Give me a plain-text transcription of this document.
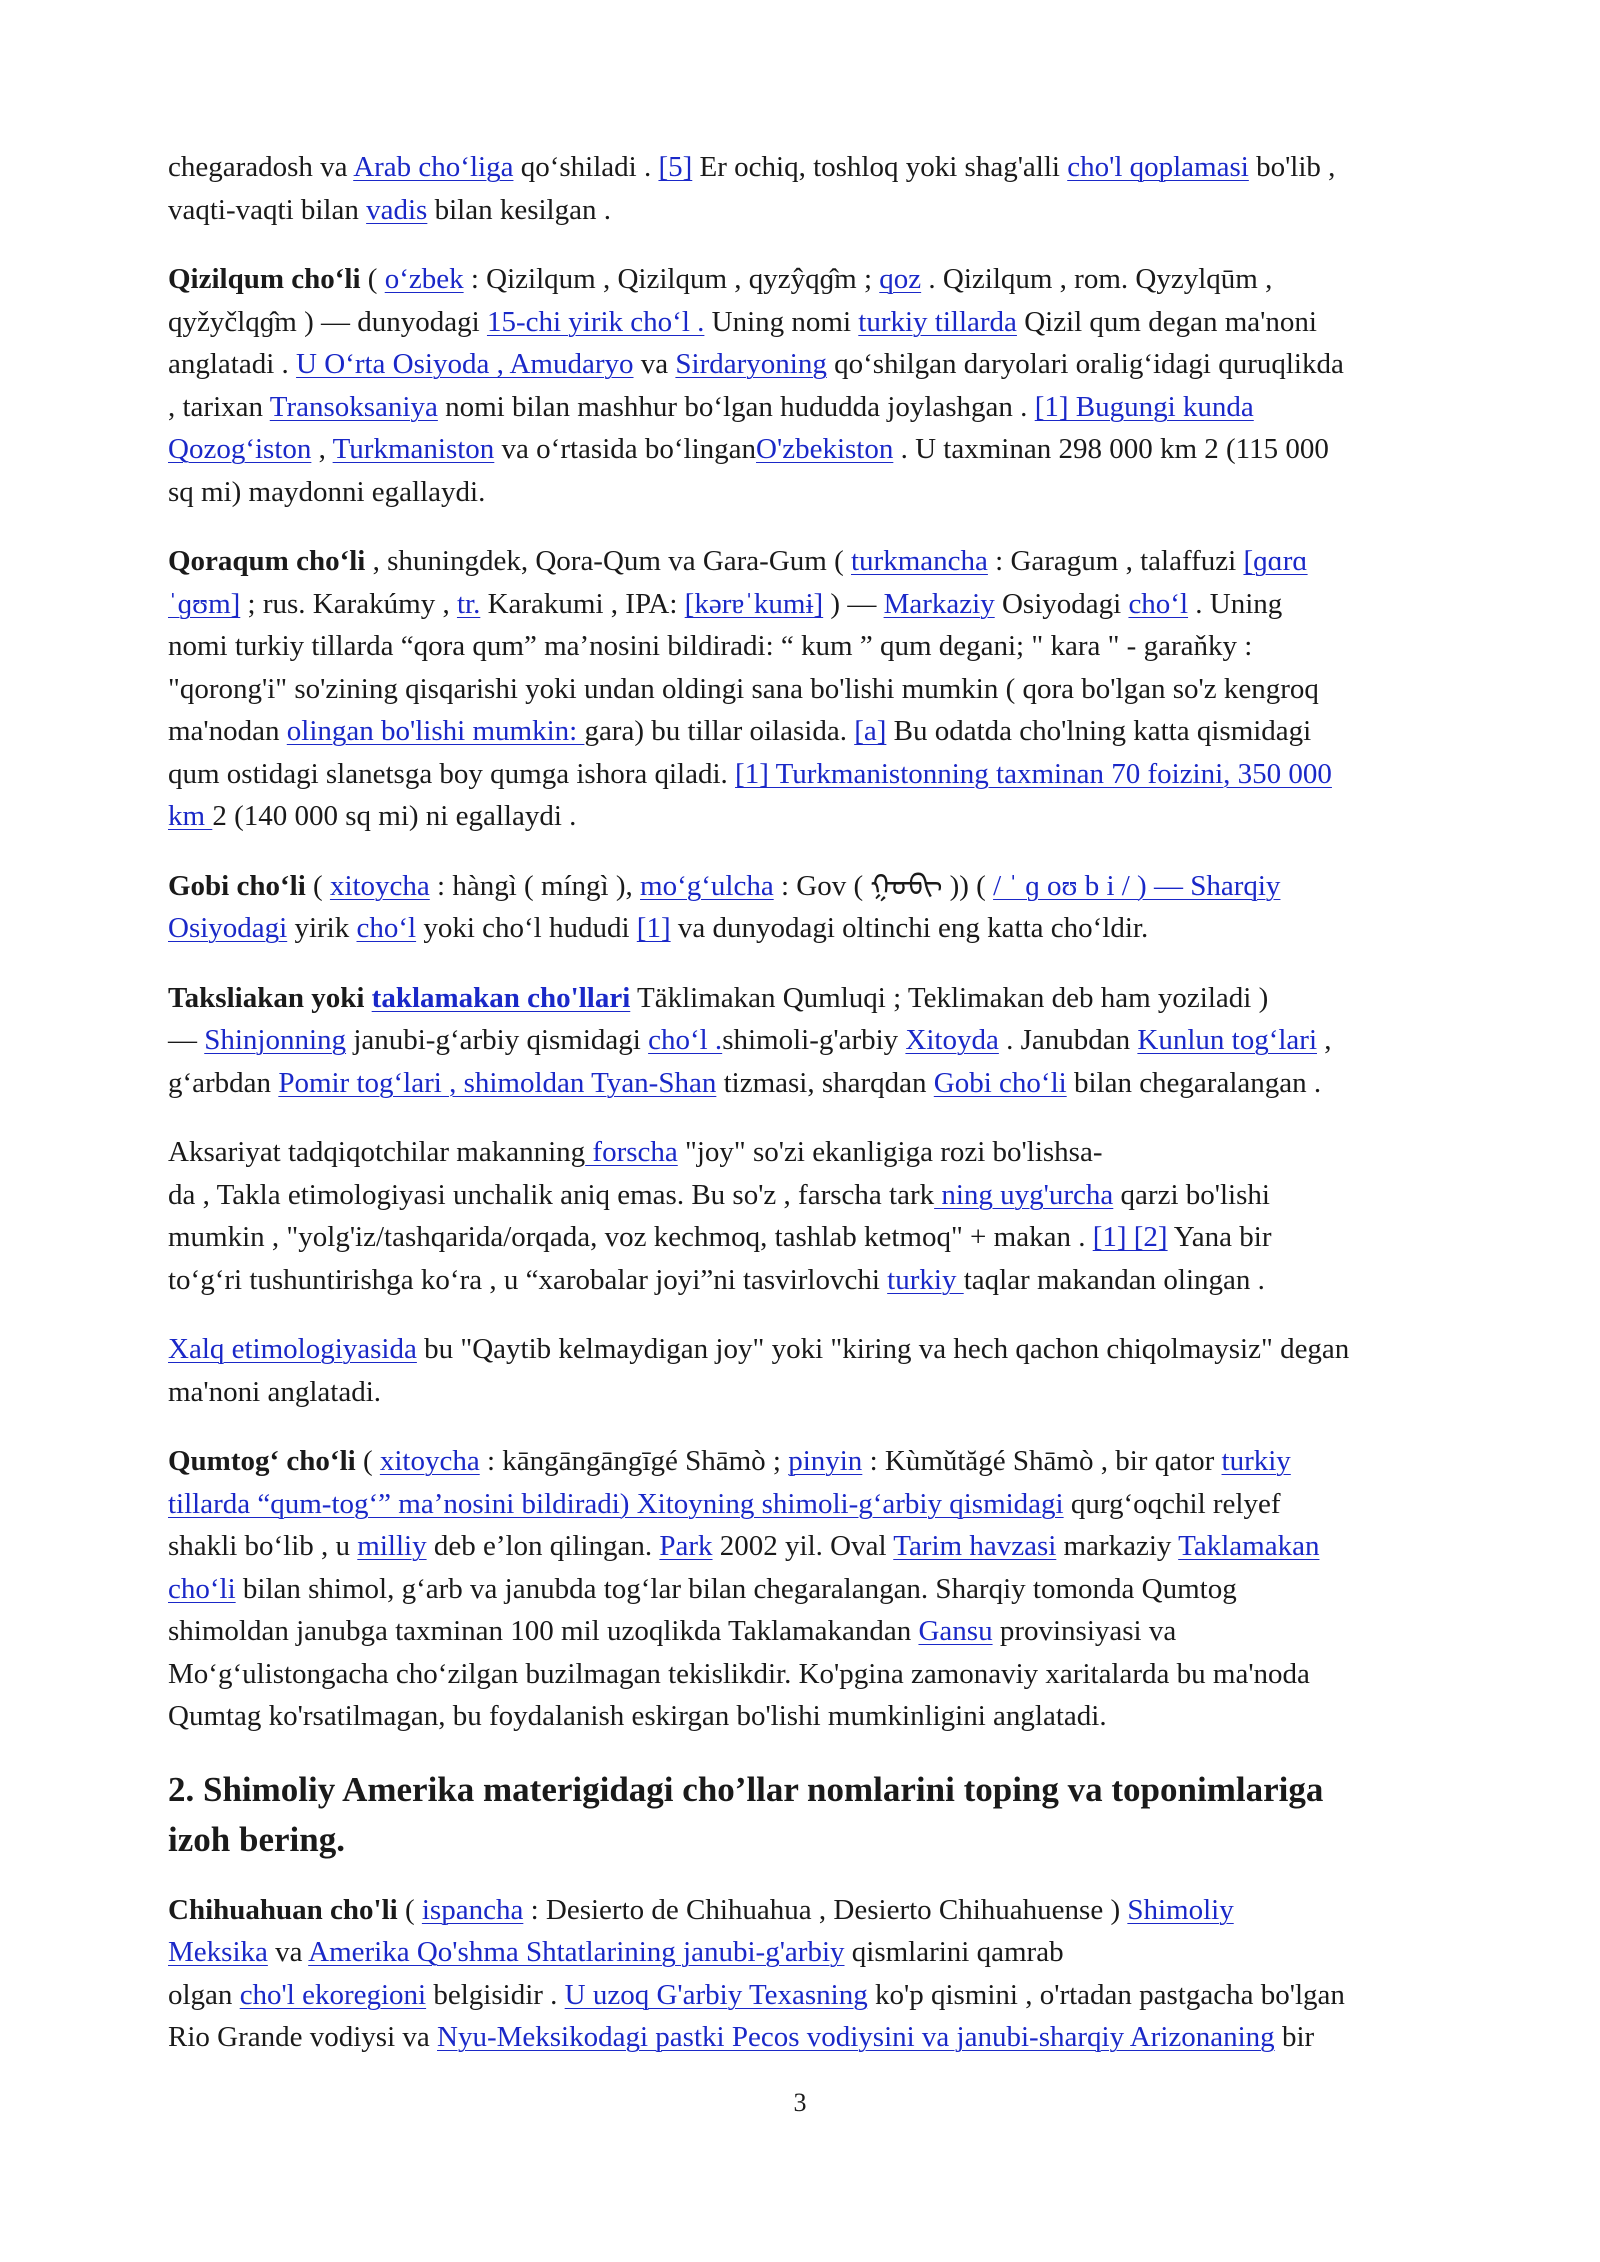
chegaradosh va Arab cho‘liga qo‘shiladi . [5] Er ochiq, toshloq yoki shag'alli cho'l qoplamasi bo'lib ,
vaqti-vaqti bilan vadis bilan kesilgan .

Qizilqum cho‘li ( o‘zbek : Qizilqum , Qizilqum , qyzŷqɡ̂m ; qoz . Qizilqum , rom. Qyzylqūm ,
qyžyčlqɡ̂m ) — dunyodagi 15-chi yirik cho‘l . Uning nomi turkiy tillarda Qizil qum degan ma'noni
anglatadi . U O‘rta Osiyoda , Amudaryo va Sirdaryoning qo‘shilgan daryolari oralig‘idagi quruqlikda
, tarixan Transoksaniya nomi bilan mashhur bo‘lgan hududda joylashgan . [1] Bugungi kunda
Qozog‘iston , Turkmaniston va o‘rtasida bo‘linganO'zbekiston . U taxminan 298 000 km 2 (115 000
sq mi) maydonni egallaydi.

Qoraqum cho‘li , shuningdek, Qora-Qum va Gara-Gum ( turkmancha : Garagum , talaffuzi [ɡɑrɑ
ˈɡʊm] ; rus. Karakúmy , tr. Karakumi , IPA: [kərɐˈkumɨ] ) — Markaziy Osiyodagi cho‘l . Uning
nomi turkiy tillarda “qora qum” ma’nosini bildiradi: “ kum ” qum degani; " kara " - garaňky :
"qorong'i" so'zining qisqarishi yoki undan oldingi sana bo'lishi mumkin ( qora bo'lgan so'z kengroq
ma'nodan olingan bo'lishi mumkin: gara) bu tillar oilasida. [a] Bu odatda cho'lning katta qismidagi
qum ostidagi slanetsga boy qumga ishora qiladi. [1] Turkmanistonning taxminan 70 foizini, 350 000
km 2 (140 000 sq mi) ni egallaydi .

Gobi cho‘li ( xitoycha : hàngì ( míngì ), mo‘g‘ulcha : Gov ( ᠭᠣᠪᠢ )) ( / ˈ ɡ oʊ b i / ) — Sharqiy
Osiyodagi yirik cho‘l yoki cho‘l hududi [1] va dunyodagi oltinchi eng katta cho‘ldir.

Taksliakan yoki taklamakan cho'llari Täklimakan Qumluqi ; Teklimakan deb ham yoziladi )
— Shinjonning janubi-g‘arbiy qismidagi cho‘l .shimoli-g'arbiy Xitoyda . Janubdan Kunlun tog‘lari ,
g‘arbdan Pomir tog‘lari , shimoldan Tyan-Shan tizmasi, sharqdan Gobi cho‘li bilan chegaralangan .

Aksariyat tadqiqotchilar makanning forscha "joy" so'zi ekanligiga rozi bo'lishsa-
da , Takla etimologiyasi unchalik aniq emas. Bu so'z , farscha tark ning uyg'urcha qarzi bo'lishi
mumkin , "yolg'iz/tashqarida/orqada, voz kechmoq, tashlab ketmoq" + makan . [1] [2] Yana bir
to‘g‘ri tushuntirishga ko‘ra , u “xarobalar joyi”ni tasvirlovchi turkiy taqlar makandan olingan .

Xalq etimologiyasida bu "Qaytib kelmaydigan joy" yoki "kiring va hech qachon chiqolmaysiz" degan
ma'noni anglatadi.

Qumtog‘ cho‘li ( xitoycha : kāngāngāngīgé Shāmò ; pinyin : Kùmǔtăgé Shāmò , bir qator turkiy
tillarda “qum-tog‘” ma’nosini bildiradi) Xitoyning shimoli-g‘arbiy qismidagi qurg‘oqchil relyef
shakli bo‘lib , u milliy deb e’lon qilingan. Park 2002 yil. Oval Tarim havzasi markaziy Taklamakan
cho‘li bilan shimol, g‘arb va janubda tog‘lar bilan chegaralangan. Sharqiy tomonda Qumtog
shimoldan janubga taxminan 100 mil uzoqlikda Taklamakandan Gansu provinsiyasi va
Mo‘g‘ulistongacha cho‘zilgan buzilmagan tekislikdir. Ko'pgina zamonaviy xaritalarda bu ma'noda
Qumtag ko'rsatilmagan, bu foydalanish eskirgan bo'lishi mumkinligini anglatadi.

2. Shimoliy Amerika materigidagi cho’llar nomlarini toping va toponimlariga
izoh bering.

Chihuahuan cho'li ( ispancha : Desierto de Chihuahua , Desierto Chihuahuense ) Shimoliy
Meksika va Amerika Qo'shma Shtatlarining janubi-g'arbiy qismlarini qamrab
olgan cho'l ekoregioni belgisidir . U uzoq G'arbiy Texasning ko'p qismini , o'rtadan pastgacha bo'lgan
Rio Grande vodiysi va Nyu-Meksikodagi pastki Pecos vodiysini va janubi-sharqiy Arizonaning bir

3
